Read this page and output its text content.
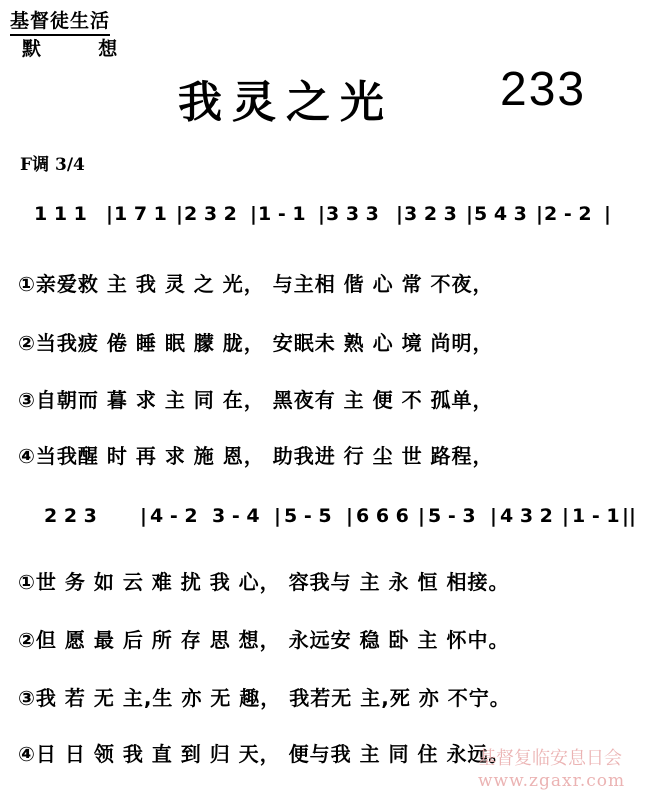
基督徒生活
默	想
我灵之光 233
F调 3/4
1 1 1 | 1 7 1 | 2 3 2 | 1 - 1 | 3 3 3 | 3 2 3 | 5 4 3 | 2 - 2 |
①亲爱救 主 我 灵 之 光， 与主相 偕 心 常 不夜，
②当我疲 倦 睡 眠 朦 胧， 安眠未 熟 心 境 尚明，
③自朝而 暮 求 主 同 在， 黑夜有 主 便 不 孤单，
④当我醒 时 再 求 施 恩， 助我进 行 尘 世 路程，
2 2 3 | 4 - 2 3 - 4 | 5 - 5 | 6 6 6 | 5 - 3 | 4 3 2 | 1 - 1 ||
①世 务 如 云 难 扰 我 心， 容我与 主 永 恒 相接。
②但 愿 最 后 所 存 思 想， 永远安 稳 卧 主 怀中。
③我 若 无 主,生 亦 无 趣， 我若无 主,死 亦 不宁。
④日 日 领 我 直 到 归 天， 便与我 主 同 住 永远。
基督复临安息日会
www.zgaxr.com
